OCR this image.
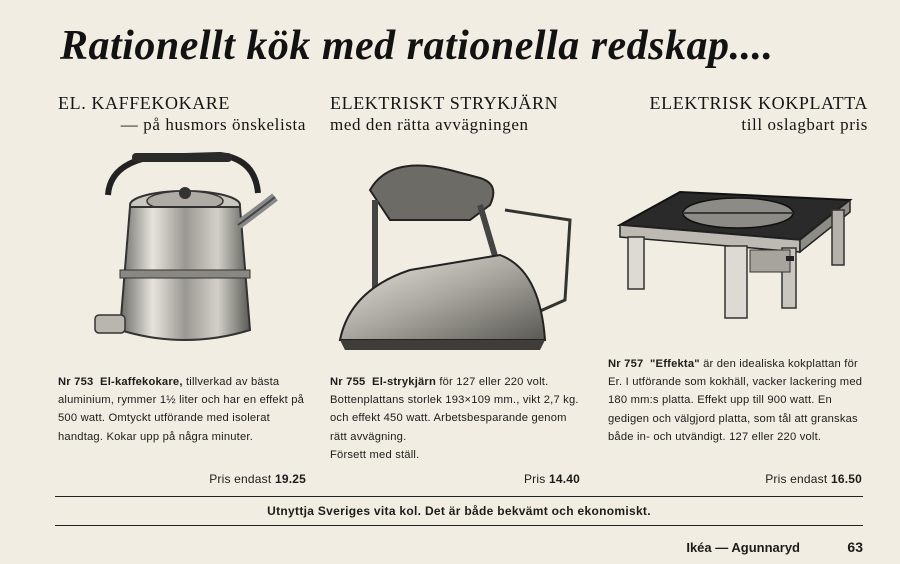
Rationellt kök med rationella redskap....
EL. KAFFEKOKARE
— på husmors önskelista
ELEKTRISKT STRYKJÄRN
med den rätta avvägningen
ELEKTRISK KOKPLATTA
till oslagbart pris
Nr 753 El-kaffekokare, tillverkad av bästa aluminium, rymmer 1½ liter och har en effekt på 500 watt. Omtyckt utförande med isolerat handtag. Kokar upp på några minuter.
Nr 755 El-strykjärn för 127 eller 220 volt. Bottenplattans storlek 193×109 mm., vikt 2,7 kg. och effekt 450 watt. Arbetsbesparande genom rätt avvägning.
Försett med ställ.
Nr 757 "Effekta" är den idealiska kokplattan för Er. I utförande som kokhäll, vacker lackering med 180 mm:s platta. Effekt upp till 900 watt. En gedigen och välgjord platta, som tål att granskas både in- och utvändigt. 127 eller 220 volt.
Pris endast 19.25	Pris 14.40	Pris endast 16.50
Utnyttja Sveriges vita kol. Det är både bekvämt och ekonomiskt.
Ikéa — Agunnaryd	63
